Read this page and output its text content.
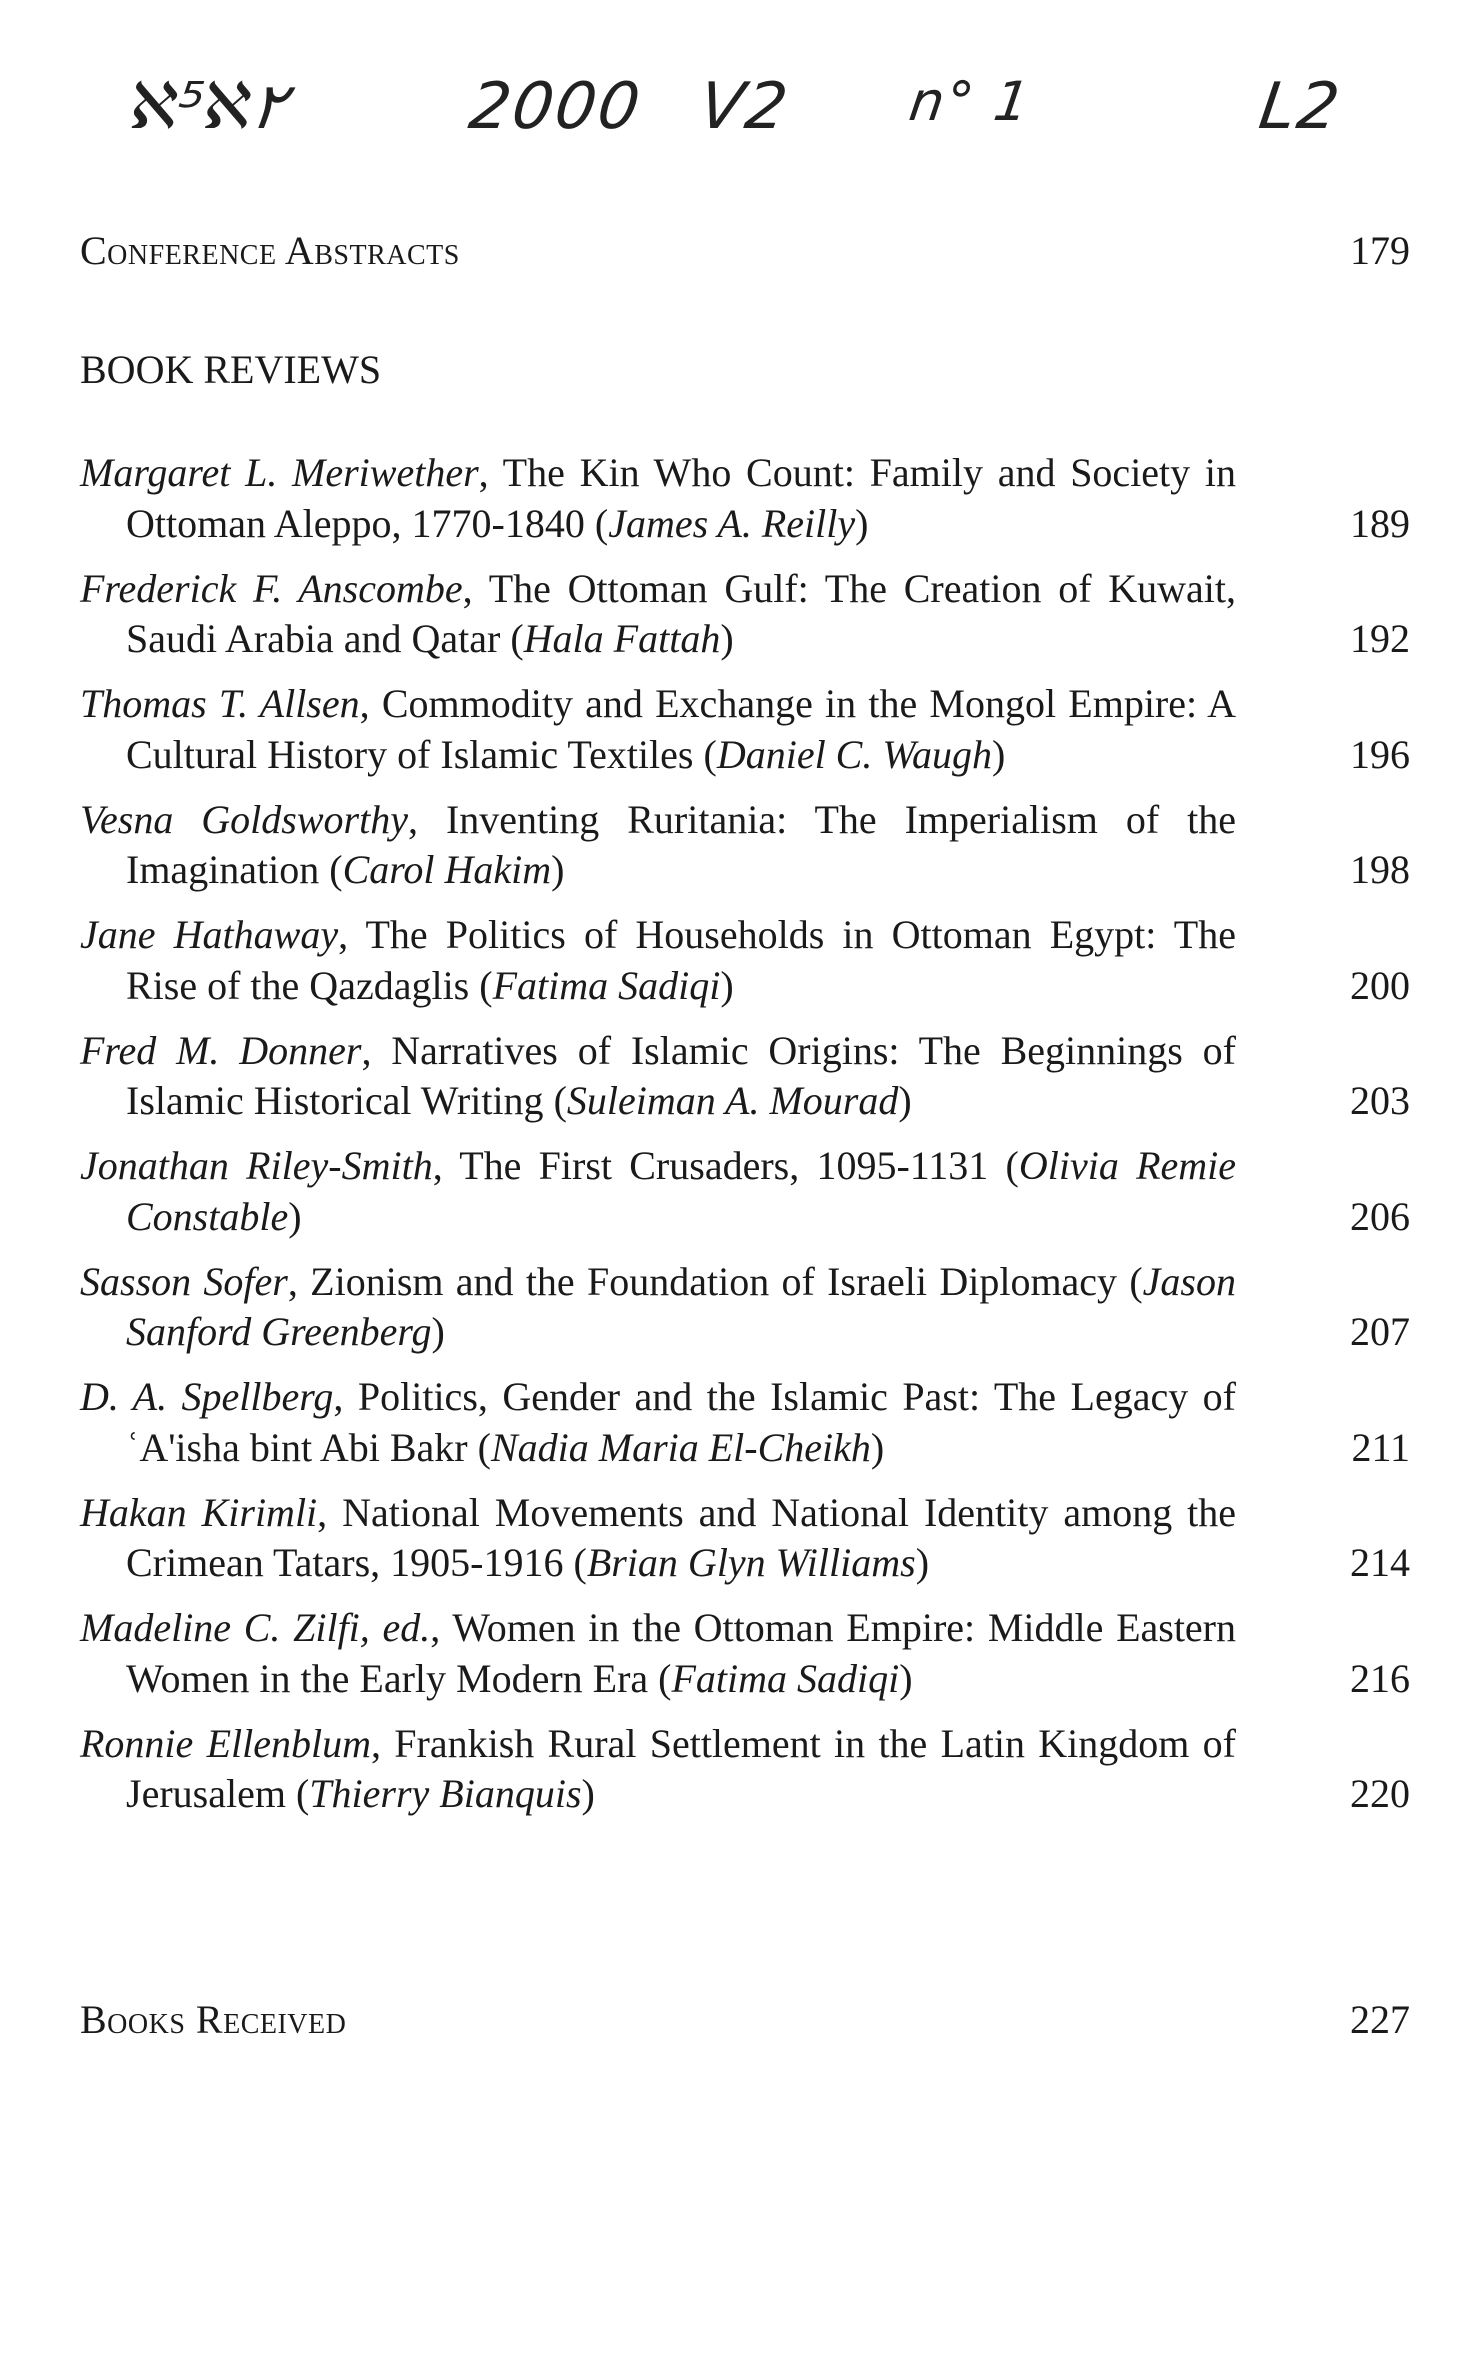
ℵ⁵ℵ٢	2000 V2 n° 1	L2
Conference Abstracts	179
BOOK REVIEWS
Margaret L. Meriwether, The Kin Who Count: Family and Society in Ottoman Aleppo, 1770-1840 (James A. Reilly)	189
Frederick F. Anscombe, The Ottoman Gulf: The Creation of Kuwait, Saudi Arabia and Qatar (Hala Fattah)	192
Thomas T. Allsen, Commodity and Exchange in the Mongol Empire: A Cultural History of Islamic Textiles (Daniel C. Waugh)	196
Vesna Goldsworthy, Inventing Ruritania: The Imperialism of the Imagination (Carol Hakim)	198
Jane Hathaway, The Politics of Households in Ottoman Egypt: The Rise of the Qazdaglis (Fatima Sadiqi)	200
Fred M. Donner, Narratives of Islamic Origins: The Beginnings of Islamic Historical Writing (Suleiman A. Mourad)	203
Jonathan Riley-Smith, The First Crusaders, 1095-1131 (Olivia Remie Constable)	206
Sasson Sofer, Zionism and the Foundation of Israeli Diplomacy (Jason Sanford Greenberg)	207
D. A. Spellberg, Politics, Gender and the Islamic Past: The Legacy of ʿA'isha bint Abi Bakr (Nadia Maria El-Cheikh)	211
Hakan Kirimli, National Movements and National Identity among the Crimean Tatars, 1905-1916 (Brian Glyn Williams)	214
Madeline C. Zilfi, ed., Women in the Ottoman Empire: Middle Eastern Women in the Early Modern Era (Fatima Sadiqi)	216
Ronnie Ellenblum, Frankish Rural Settlement in the Latin Kingdom of Jerusalem (Thierry Bianquis)	220
Books Received	227
